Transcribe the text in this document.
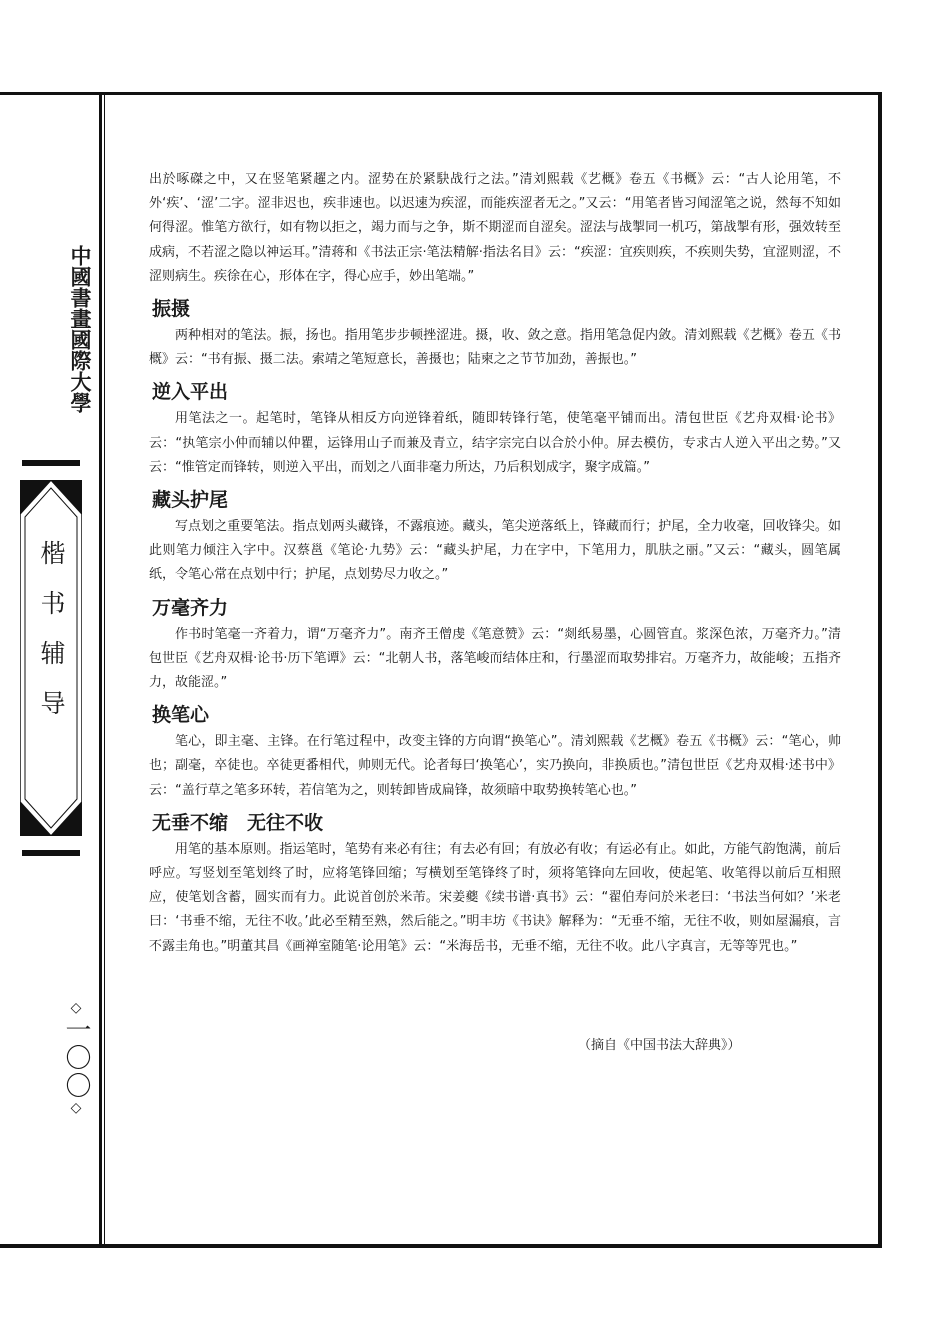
中國書畫國際大學
楷书辅导
◇一〇〇◇

出於啄磔之中，又在竖笔紧趯之内。涩势在於紧駃战行之法。”清刘熙载《艺概》卷五《书概》云：“古人论用笔，不外‘疾’、‘涩’二字。涩非迟也，疾非速也。以迟速为疾涩，而能疾涩者无之。”又云：“用笔者皆习闻涩笔之说，然每不知如何得涩。惟笔方欲行，如有物以拒之，竭力而与之争，斯不期涩而自涩矣。涩法与战掣同一机巧，第战掣有形，强效转至成病，不若涩之隐以神运耳。”清蒋和《书法正宗·笔法精解·指法名目》云：“疾涩：宜疾则疾，不疾则失势，宜涩则涩，不涩则病生。疾徐在心，形体在字，得心应手，妙出笔端。”

振摄

两种相对的笔法。振，扬也。指用笔步步顿挫涩进。摄，收、敛之意。指用笔急促内敛。清刘熙载《艺概》卷五《书概》云：“书有振、摄二法。索靖之笔短意长，善摄也；陆柬之之节节加劲，善振也。”

逆入平出

用笔法之一。起笔时，笔锋从相反方向逆锋着纸，随即转锋行笔，使笔毫平铺而出。清包世臣《艺舟双楫·论书》云：“执笔宗小仲而辅以仲瞿，运锋用山子而兼及青立，结字宗完白以合於小仲。屏去模仿，专求古人逆入平出之势。”又云：“惟管定而锋转，则逆入平出，而划之八面非毫力所达，乃后积划成字，聚字成篇。”

藏头护尾

写点划之重要笔法。指点划两头藏锋，不露痕迹。藏头，笔尖逆落纸上，锋藏而行；护尾，全力收毫，回收锋尖。如此则笔力倾注入字中。汉蔡邕《笔论·九势》云：“藏头护尾，力在字中，下笔用力，肌肤之丽。”又云：“藏头，圆笔属纸，令笔心常在点划中行；护尾，点划势尽力收之。”

万毫齐力

作书时笔毫一齐着力，谓“万毫齐力”。南齐王僧虔《笔意赞》云：“剡纸易墨，心圆管直。浆深色浓，万毫齐力。”清包世臣《艺舟双楫·论书·历下笔谭》云：“北朝人书，落笔峻而结体庄和，行墨涩而取势排宕。万毫齐力，故能峻；五指齐力，故能涩。”

换笔心

笔心，即主毫、主锋。在行笔过程中，改变主锋的方向谓“换笔心”。清刘熙载《艺概》卷五《书概》云：“笔心，帅也；副毫，卒徒也。卒徒更番相代，帅则无代。论者每曰‘换笔心’，实乃换向，非换质也。”清包世臣《艺舟双楫·述书中》云：“盖行草之笔多环转，若信笔为之，则转卸皆成扁锋，故须暗中取势换转笔心也。”

无垂不缩　无往不收

用笔的基本原则。指运笔时，笔势有来必有往；有去必有回；有放必有收；有运必有止。如此，方能气韵饱满，前后呼应。写竖划至笔划终了时，应将笔锋回缩；写横划至笔锋终了时，须将笔锋向左回收，使起笔、收笔得以前后互相照应，使笔划含蓄，圆实而有力。此说首创於米芾。宋姜夔《续书谱·真书》云：“翟伯寿问於米老曰：‘书法当何如？’米老曰：‘书垂不缩，无往不收。’此必至精至熟，然后能之。”明丰坊《书诀》解释为：“无垂不缩，无往不收，则如屋漏痕，言不露圭角也。”明董其昌《画禅室随笔·论用笔》云：“米海岳书，无垂不缩，无往不收。此八字真言，无等等咒也。”

（摘自《中国书法大辞典》）
